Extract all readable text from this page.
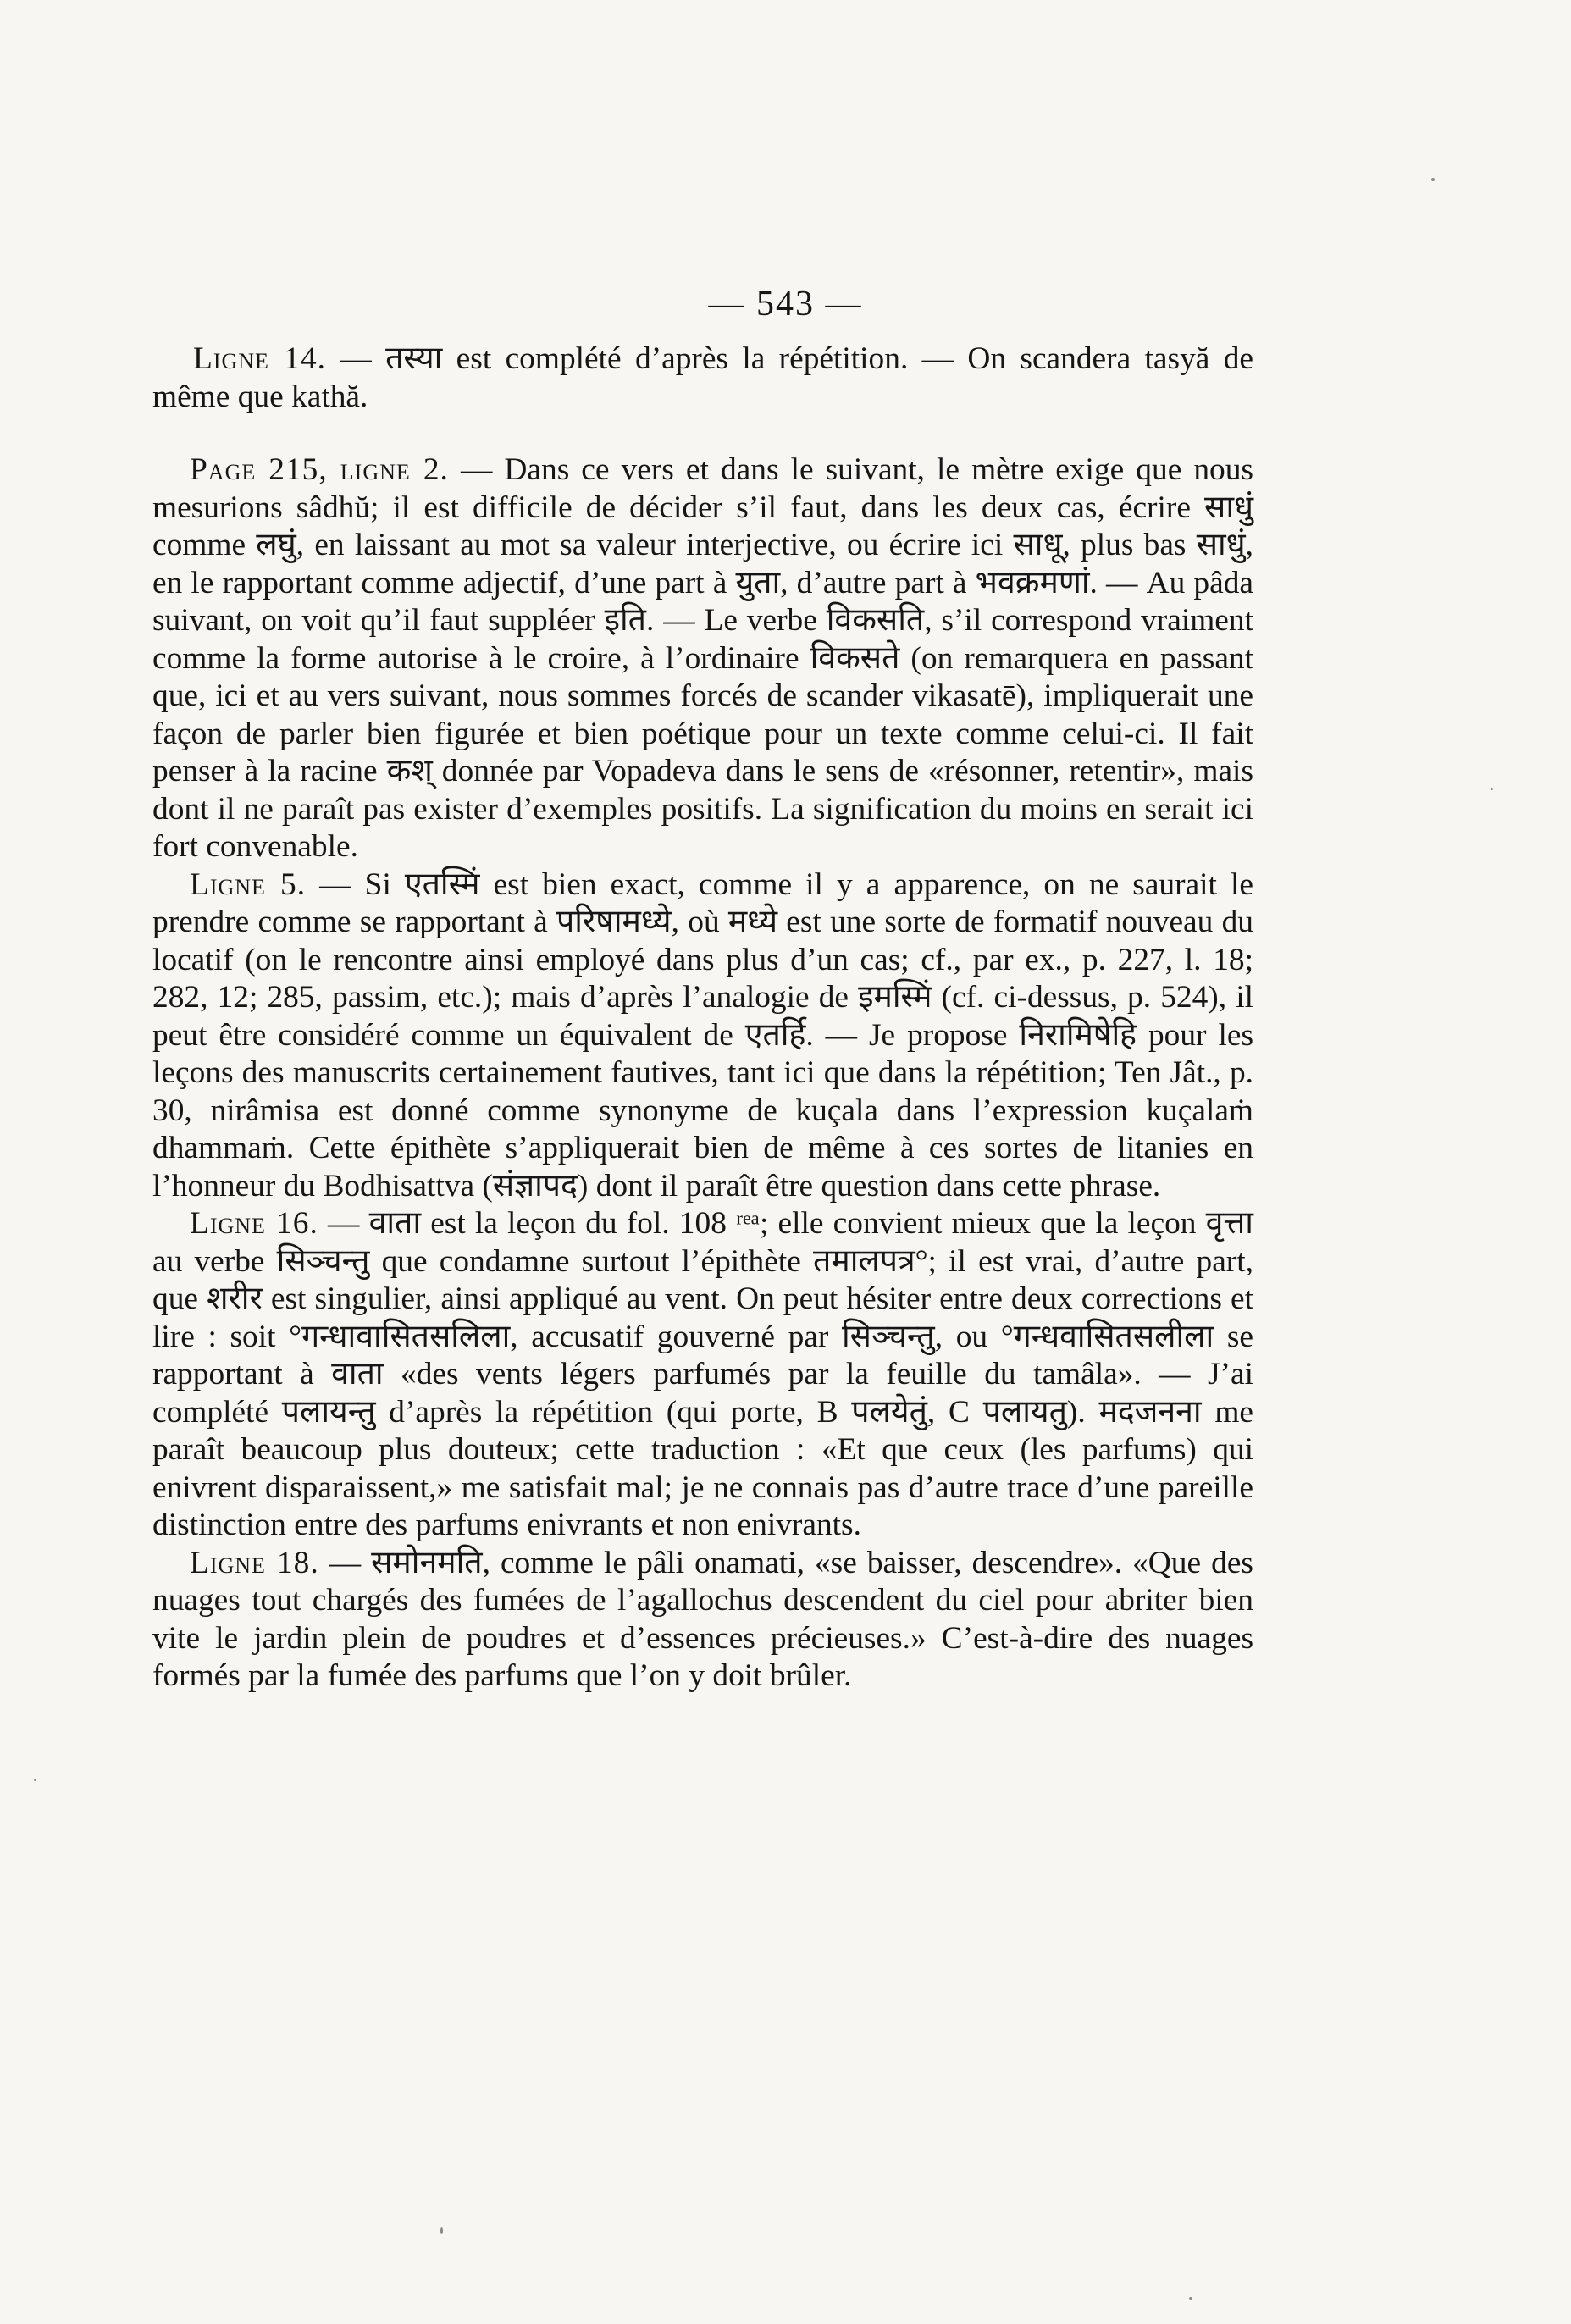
— 543 —

Ligne 14. — तस्या est complété d’après la répétition. — On scandera tasyă de même que kathă.

Page 215, ligne 2. — Dans ce vers et dans le suivant, le mètre exige que nous mesurions sâdhŭ; il est difficile de décider s’il faut, dans les deux cas, écrire साधुं comme लघुं, en laissant au mot sa valeur interjective, ou écrire ici साधू, plus bas साधुं, en le rapportant comme adjectif, d’une part à युता, d’autre part à भवक्रमणां. — Au pâda suivant, on voit qu’il faut suppléer इति. — Le verbe विकसति, s’il correspond vraiment comme la forme autorise à le croire, à l’ordinaire विकसते (on remarquera en passant que, ici et au vers suivant, nous sommes forcés de scander vikasatē), impliquerait une façon de parler bien figurée et bien poétique pour un texte comme celui-ci. Il fait penser à la racine कश् donnée par Vopadeva dans le sens de «résonner, retentir», mais dont il ne paraît pas exister d’exemples positifs. La signification du moins en serait ici fort convenable.

Ligne 5. — Si एतस्मिं est bien exact, comme il y a apparence, on ne saurait le prendre comme se rapportant à परिषामध्ये, où मध्ये est une sorte de formatif nouveau du locatif (on le rencontre ainsi employé dans plus d’un cas; cf., par ex., p. 227, l. 18; 282, 12; 285, passim, etc.); mais d’après l’analogie de इमस्मिं (cf. ci-dessus, p. 524), il peut être considéré comme un équivalent de एतर्हि. — Je propose निरामिषेहि pour les leçons des manuscrits certainement fautives, tant ici que dans la répétition; Ten Jât., p. 30, nirâmisa est donné comme synonyme de kuçala dans l’expression kuçalaṁ dhammaṁ. Cette épithète s’appliquerait bien de même à ces sortes de litanies en l’honneur du Bodhisattva (संज्ञापद) dont il paraît être question dans cette phrase.

Ligne 16. — वाता est la leçon du fol. 108 ʳᵉᵃ; elle convient mieux que la leçon वृत्ता au verbe सिञ्चन्तु que condamne surtout l’épithète तमालपत्र°; il est vrai, d’autre part, que शरीर est singulier, ainsi appliqué au vent. On peut hésiter entre deux corrections et lire : soit °गन्धावासितसलिला, accusatif gouverné par सिञ्चन्तु, ou °गन्धवासितसलीला se rapportant à वाता «des vents légers parfumés par la feuille du tamâla». — J’ai complété पलायन्तु d’après la répétition (qui porte, B पलयेतुं, C पलायतु). मदजनना me paraît beaucoup plus douteux; cette traduction : «Et que ceux (les parfums) qui enivrent disparaissent,» me satisfait mal; je ne connais pas d’autre trace d’une pareille distinction entre des parfums enivrants et non enivrants.

Ligne 18. — समोनमति, comme le pâli onamati, «se baisser, descendre». «Que des nuages tout chargés des fumées de l’agallochus descendent du ciel pour abriter bien vite le jardin plein de poudres et d’essences précieuses.» C’est-à-dire des nuages formés par la fumée des parfums que l’on y doit brûler.
